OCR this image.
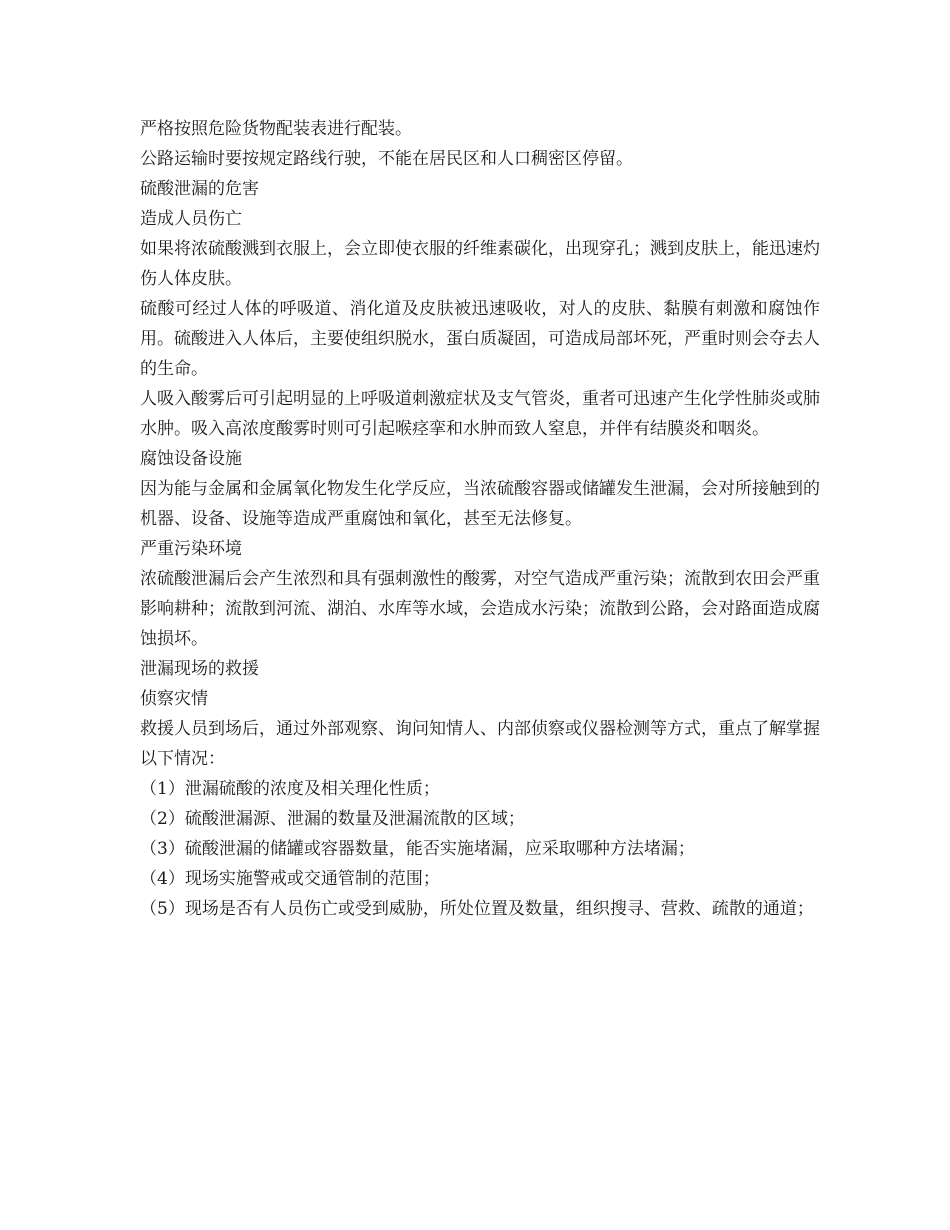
严格按照危险货物配装表进行配装。

公路运输时要按规定路线行驶，不能在居民区和人口稠密区停留。

硫酸泄漏的危害

造成人员伤亡

如果将浓硫酸溅到衣服上，会立即使衣服的纤维素碳化，出现穿孔；溅到皮肤上，能迅速灼伤人体皮肤。

硫酸可经过人体的呼吸道、消化道及皮肤被迅速吸收，对人的皮肤、黏膜有刺激和腐蚀作用。硫酸进入人体后，主要使组织脱水，蛋白质凝固，可造成局部坏死，严重时则会夺去人的生命。

人吸入酸雾后可引起明显的上呼吸道刺激症状及支气管炎，重者可迅速产生化学性肺炎或肺水肿。吸入高浓度酸雾时则可引起喉痉挛和水肿而致人窒息，并伴有结膜炎和咽炎。

腐蚀设备设施

因为能与金属和金属氧化物发生化学反应，当浓硫酸容器或储罐发生泄漏，会对所接触到的机器、设备、设施等造成严重腐蚀和氧化，甚至无法修复。

严重污染环境

浓硫酸泄漏后会产生浓烈和具有强刺激性的酸雾，对空气造成严重污染；流散到农田会严重影响耕种；流散到河流、湖泊、水库等水域，会造成水污染；流散到公路，会对路面造成腐蚀损坏。

泄漏现场的救援

侦察灾情

救援人员到场后，通过外部观察、询问知情人、内部侦察或仪器检测等方式，重点了解掌握以下情况：

（1）泄漏硫酸的浓度及相关理化性质；

（2）硫酸泄漏源、泄漏的数量及泄漏流散的区域；

（3）硫酸泄漏的储罐或容器数量，能否实施堵漏，应采取哪种方法堵漏；

（4）现场实施警戒或交通管制的范围；

（5）现场是否有人员伤亡或受到威胁，所处位置及数量，组织搜寻、营救、疏散的通道；
